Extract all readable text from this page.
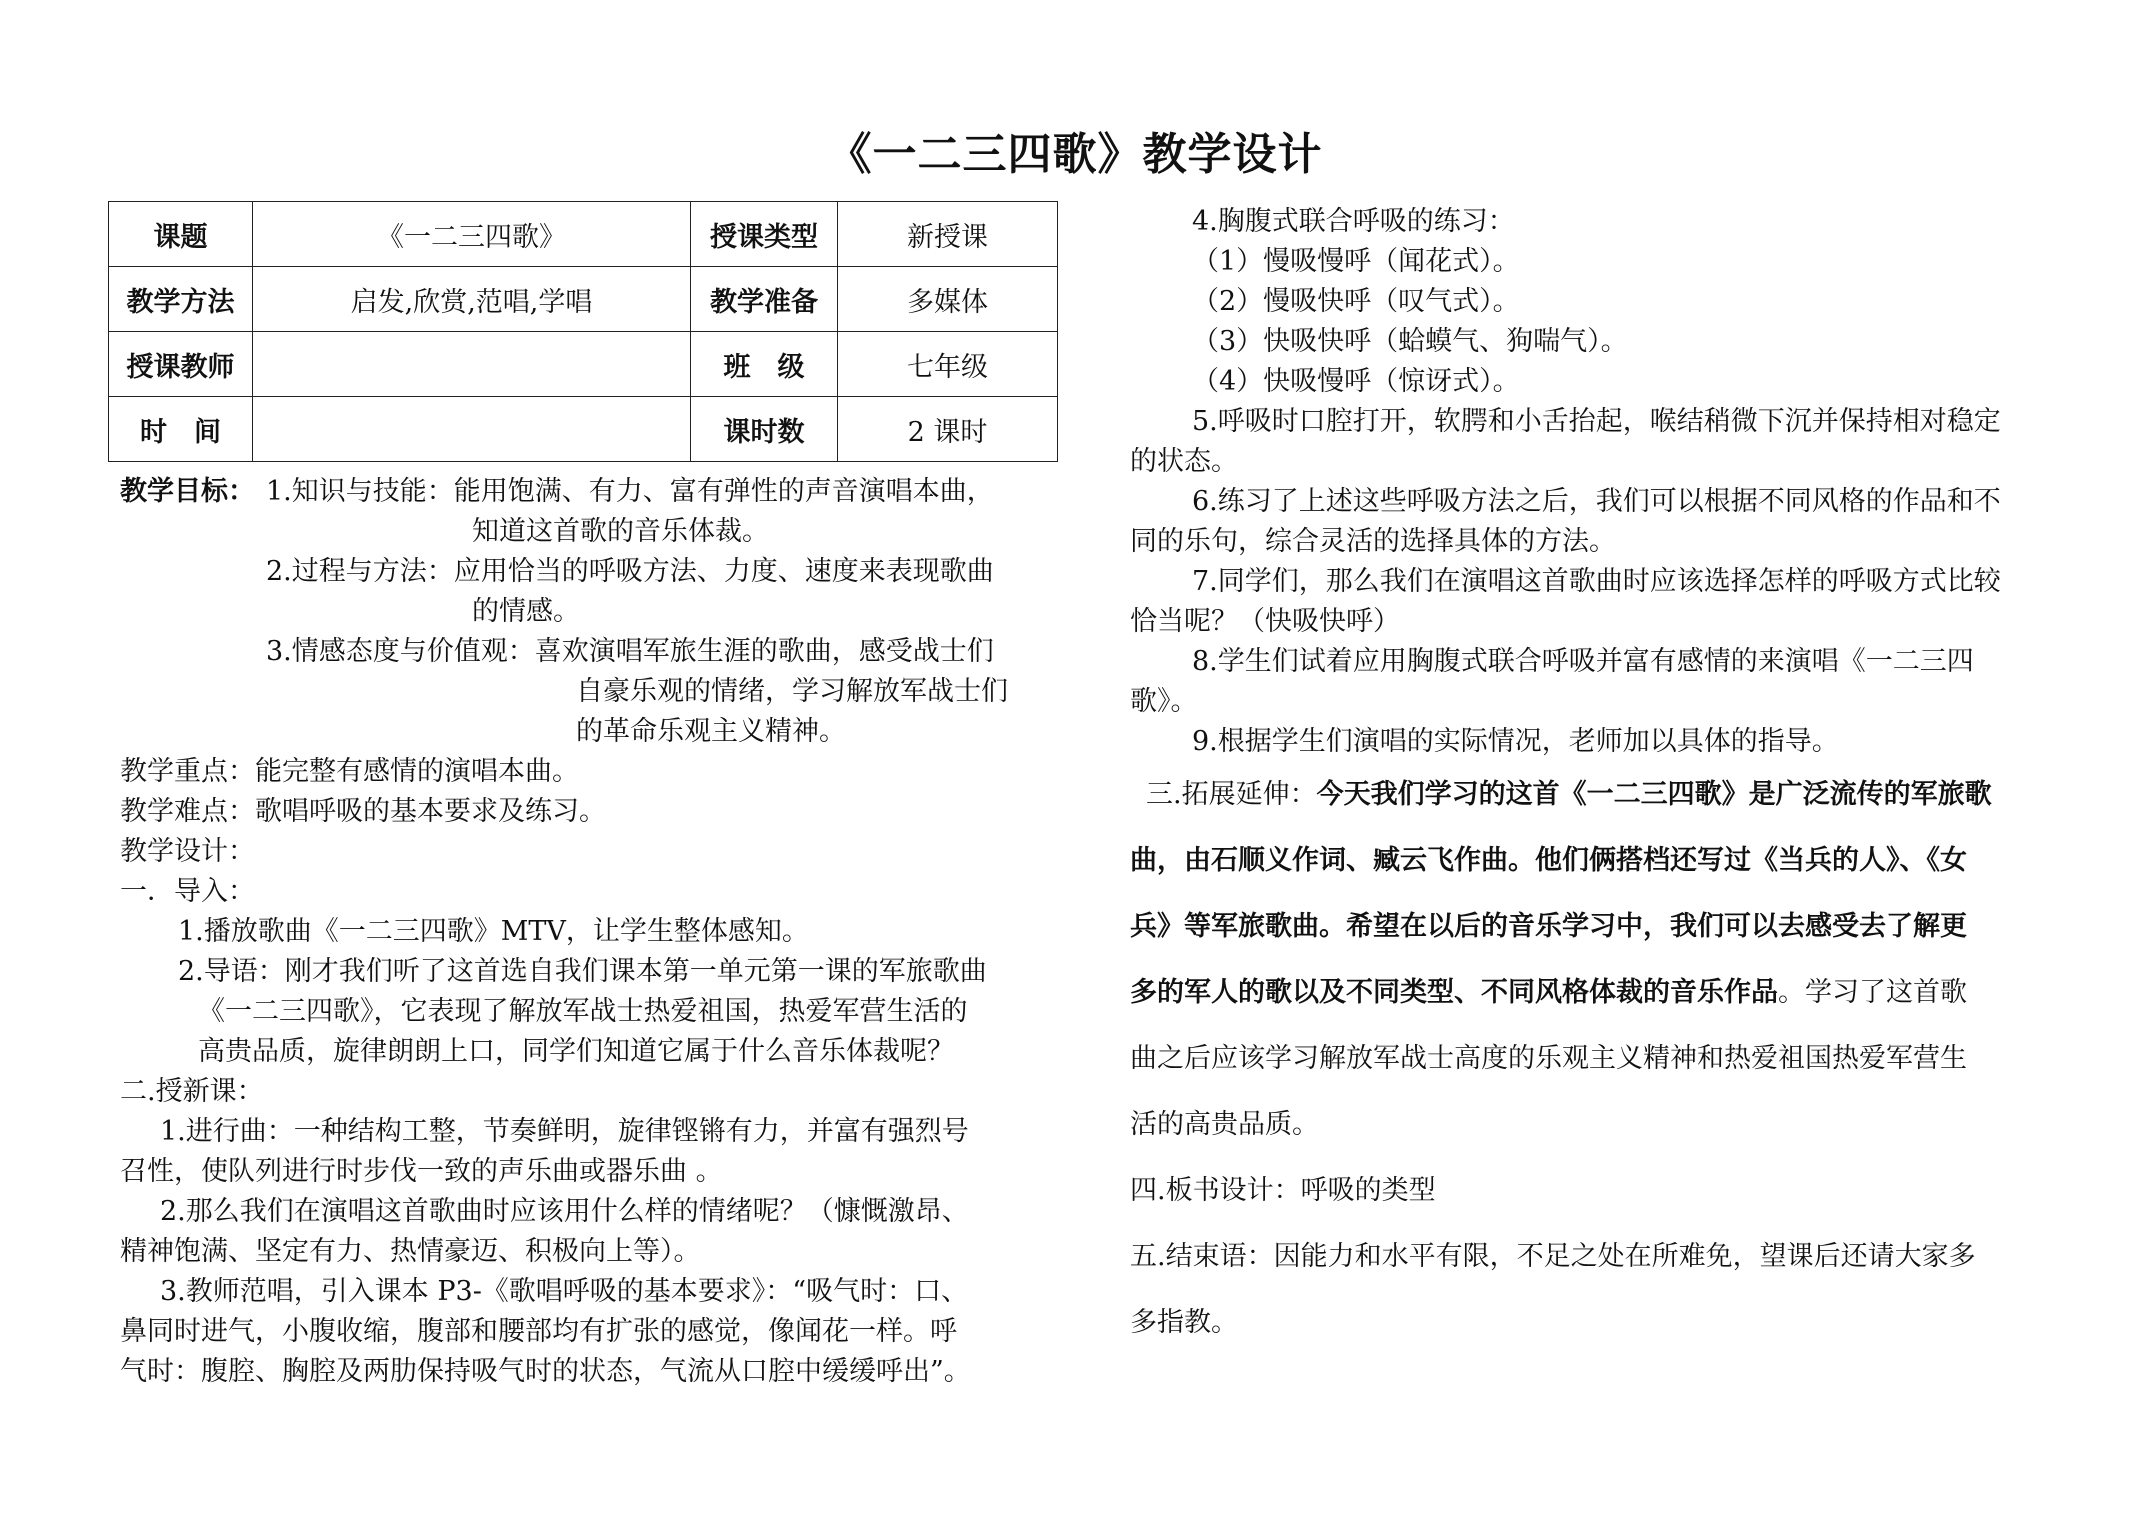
《一二三四歌》教学设计
课题	《一二三四歌》	授课类型	新授课
教学方法	启发,欣赏,范唱,学唱	教学准备	多媒体
授课教师		班　级	七年级
时　间		课时数	2 课时
教学目标： 1.知识与技能：能用饱满、有力、富有弹性的声音演唱本曲，
知道这首歌的音乐体裁。
2.过程与方法：应用恰当的呼吸方法、力度、速度来表现歌曲
的情感。
3.情感态度与价值观：喜欢演唱军旅生涯的歌曲，感受战士们
自豪乐观的情绪，学习解放军战士们
的革命乐观主义精神。
教学重点：能完整有感情的演唱本曲。
教学难点：歌唱呼吸的基本要求及练习。
教学设计：
一．导入：
1.播放歌曲《一二三四歌》MTV，让学生整体感知。
2.导语：刚才我们听了这首选自我们课本第一单元第一课的军旅歌曲
《一二三四歌》，它表现了解放军战士热爱祖国，热爱军营生活的
高贵品质，旋律朗朗上口，同学们知道它属于什么音乐体裁呢？
二.授新课：
1.进行曲：一种结构工整，节奏鲜明，旋律铿锵有力，并富有强烈号
召性，使队列进行时步伐一致的声乐曲或器乐曲 。
2.那么我们在演唱这首歌曲时应该用什么样的情绪呢？（慷慨激昂、
精神饱满、坚定有力、热情豪迈、积极向上等）。
3.教师范唱，引入课本 P3-《歌唱呼吸的基本要求》：“吸气时：口、
鼻同时进气，小腹收缩，腹部和腰部均有扩张的感觉，像闻花一样。呼
气时：腹腔、胸腔及两肋保持吸气时的状态，气流从口腔中缓缓呼出”。
4.胸腹式联合呼吸的练习：
（1）慢吸慢呼（闻花式）。
（2）慢吸快呼（叹气式）。
（3）快吸快呼（蛤蟆气、狗喘气）。
（4）快吸慢呼（惊讶式）。
5.呼吸时口腔打开，软腭和小舌抬起，喉结稍微下沉并保持相对稳定
的状态。
6.练习了上述这些呼吸方法之后，我们可以根据不同风格的作品和不
同的乐句，综合灵活的选择具体的方法。
7.同学们，那么我们在演唱这首歌曲时应该选择怎样的呼吸方式比较
恰当呢？（快吸快呼）
8.学生们试着应用胸腹式联合呼吸并富有感情的来演唱《一二三四
歌》。
9.根据学生们演唱的实际情况，老师加以具体的指导。
三.拓展延伸：今天我们学习的这首《一二三四歌》是广泛流传的军旅歌
曲，由石顺义作词、臧云飞作曲。他们俩搭档还写过《当兵的人》、《女
兵》等军旅歌曲。希望在以后的音乐学习中，我们可以去感受去了解更
多的军人的歌以及不同类型、不同风格体裁的音乐作品。学习了这首歌
曲之后应该学习解放军战士高度的乐观主义精神和热爱祖国热爱军营生
活的高贵品质。
四.板书设计：呼吸的类型
五.结束语：因能力和水平有限，不足之处在所难免，望课后还请大家多
多指教。
